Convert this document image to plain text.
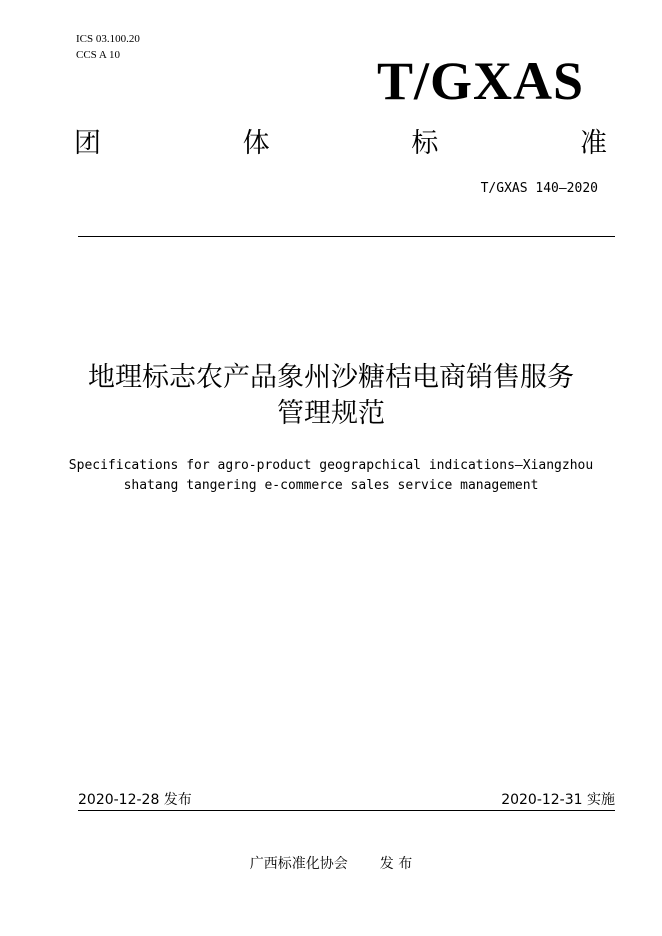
ICS 03.100.20
CCS A 10	T/GXAS
团	体	标	准
T/GXAS 140—2020
地理标志农产品象州沙糖桔电商销售服务
管理规范
Specifications for agro-product geograpchical indications—Xiangzhou
shatang tangering e-commerce sales service management
2020-12-28 发布	2020-12-31 实施
广西标准化协会 发 布
